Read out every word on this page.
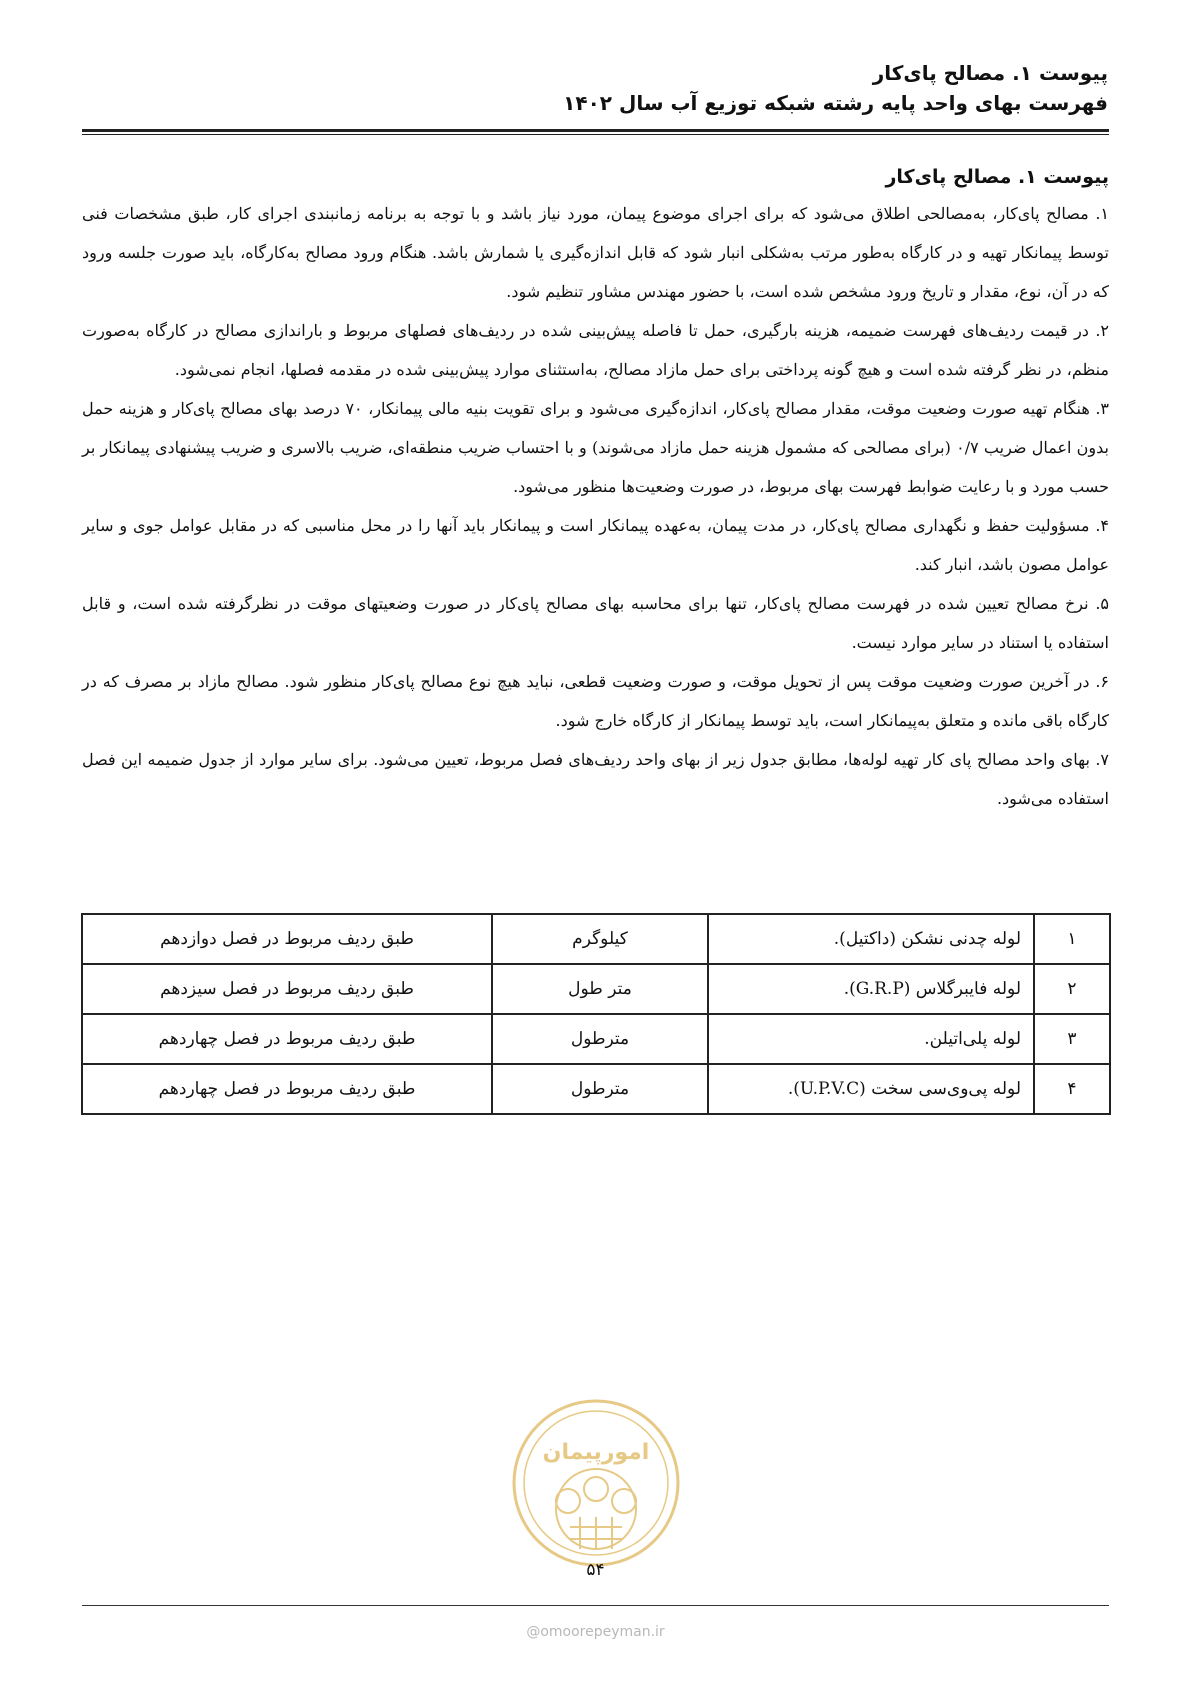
پیوست ۱. مصالح پای‌کار

فهرست بهای واحد پایه رشته شبکه توزیع آب سال ۱۴۰۲

پیوست ۱. مصالح پای‌کار

۱. مصالح پای‌کار، به‌مصالحی اطلاق می‌شود که برای اجرای موضوع پیمان، مورد نیاز باشد و با توجه به برنامه زمانبندی اجرای کار، طبق مشخصات فنی توسط پیمانکار تهیه و در کارگاه به‌طور مرتب به‌شکلی انبار شود که قابل اندازه‌گیری یا شمارش باشد. هنگام ورود مصالح به‌کارگاه، باید صورت جلسه ورود که در آن، نوع، مقدار و تاریخ ورود مشخص شده است، با حضور مهندس مشاور تنظیم شود.

۲. در قیمت ردیف‌های فهرست ضمیمه، هزینه بارگیری، حمل تا فاصله پیش‌بینی شده در ردیف‌های فصلهای مربوط و باراندازی مصالح در کارگاه به‌صورت منظم، در نظر گرفته شده است و هیچ گونه پرداختی برای حمل مازاد مصالح، به‌استثنای موارد پیش‌بینی شده در مقدمه فصلها، انجام نمی‌شود.

۳. هنگام تهیه صورت وضعیت موقت، مقدار مصالح پای‌کار، اندازه‌گیری می‌شود و برای تقویت بنیه مالی پیمانکار، ۷۰ درصد بهای مصالح پای‌کار و هزینه حمل بدون اعمال ضریب ۰/۷ (برای مصالحی که مشمول هزینه حمل مازاد می‌شوند) و با احتساب ضریب منطقه‌ای، ضریب بالاسری و ضریب پیشنهادی پیمانکار بر حسب مورد و با رعایت ضوابط فهرست بهای مربوط، در صورت وضعیت‌ها منظور می‌شود.

۴. مسؤولیت حفظ و نگهداری مصالح پای‌کار، در مدت پیمان، به‌عهده پیمانکار است و پیمانکار باید آنها را در محل مناسبی که در مقابل عوامل جوی و سایر عوامل مصون باشد، انبار کند.

۵. نرخ مصالح تعیین شده در فهرست مصالح پای‌کار، تنها برای محاسبه بهای مصالح پای‌کار در صورت وضعیتهای موقت در نظرگرفته شده است، و قابل استفاده یا استناد در سایر موارد نیست.

۶. در آخرین صورت وضعیت موقت پس از تحویل موقت، و صورت وضعیت قطعی، نباید هیچ نوع مصالح پای‌کار منظور شود. مصالح مازاد بر مصرف که در کارگاه باقی مانده و متعلق به‌پیمانکار است، باید توسط پیمانکار از کارگاه خارج شود.

۷. بهای واحد مصالح پای کار تهیه لوله‌ها، مطابق جدول زیر از بهای واحد ردیف‌های فصل مربوط، تعیین می‌شود. برای سایر موارد از جدول ضمیمه این فصل استفاده می‌شود.

۱	لوله چدنی نشکن (داکتیل).	کیلوگرم	طبق ردیف مربوط در فصل دوازدهم
۲	لوله فایبرگلاس (G.R.P).	متر طول	طبق ردیف مربوط در فصل سیزدهم
۳	لوله پلی‌اتیلن.	مترطول	طبق ردیف مربوط در فصل چهاردهم
۴	لوله پی‌وی‌سی سخت (U.P.V.C).	مترطول	طبق ردیف مربوط در فصل چهاردهم
امورپیمان
۵۴
@omoorepeyman.ir
